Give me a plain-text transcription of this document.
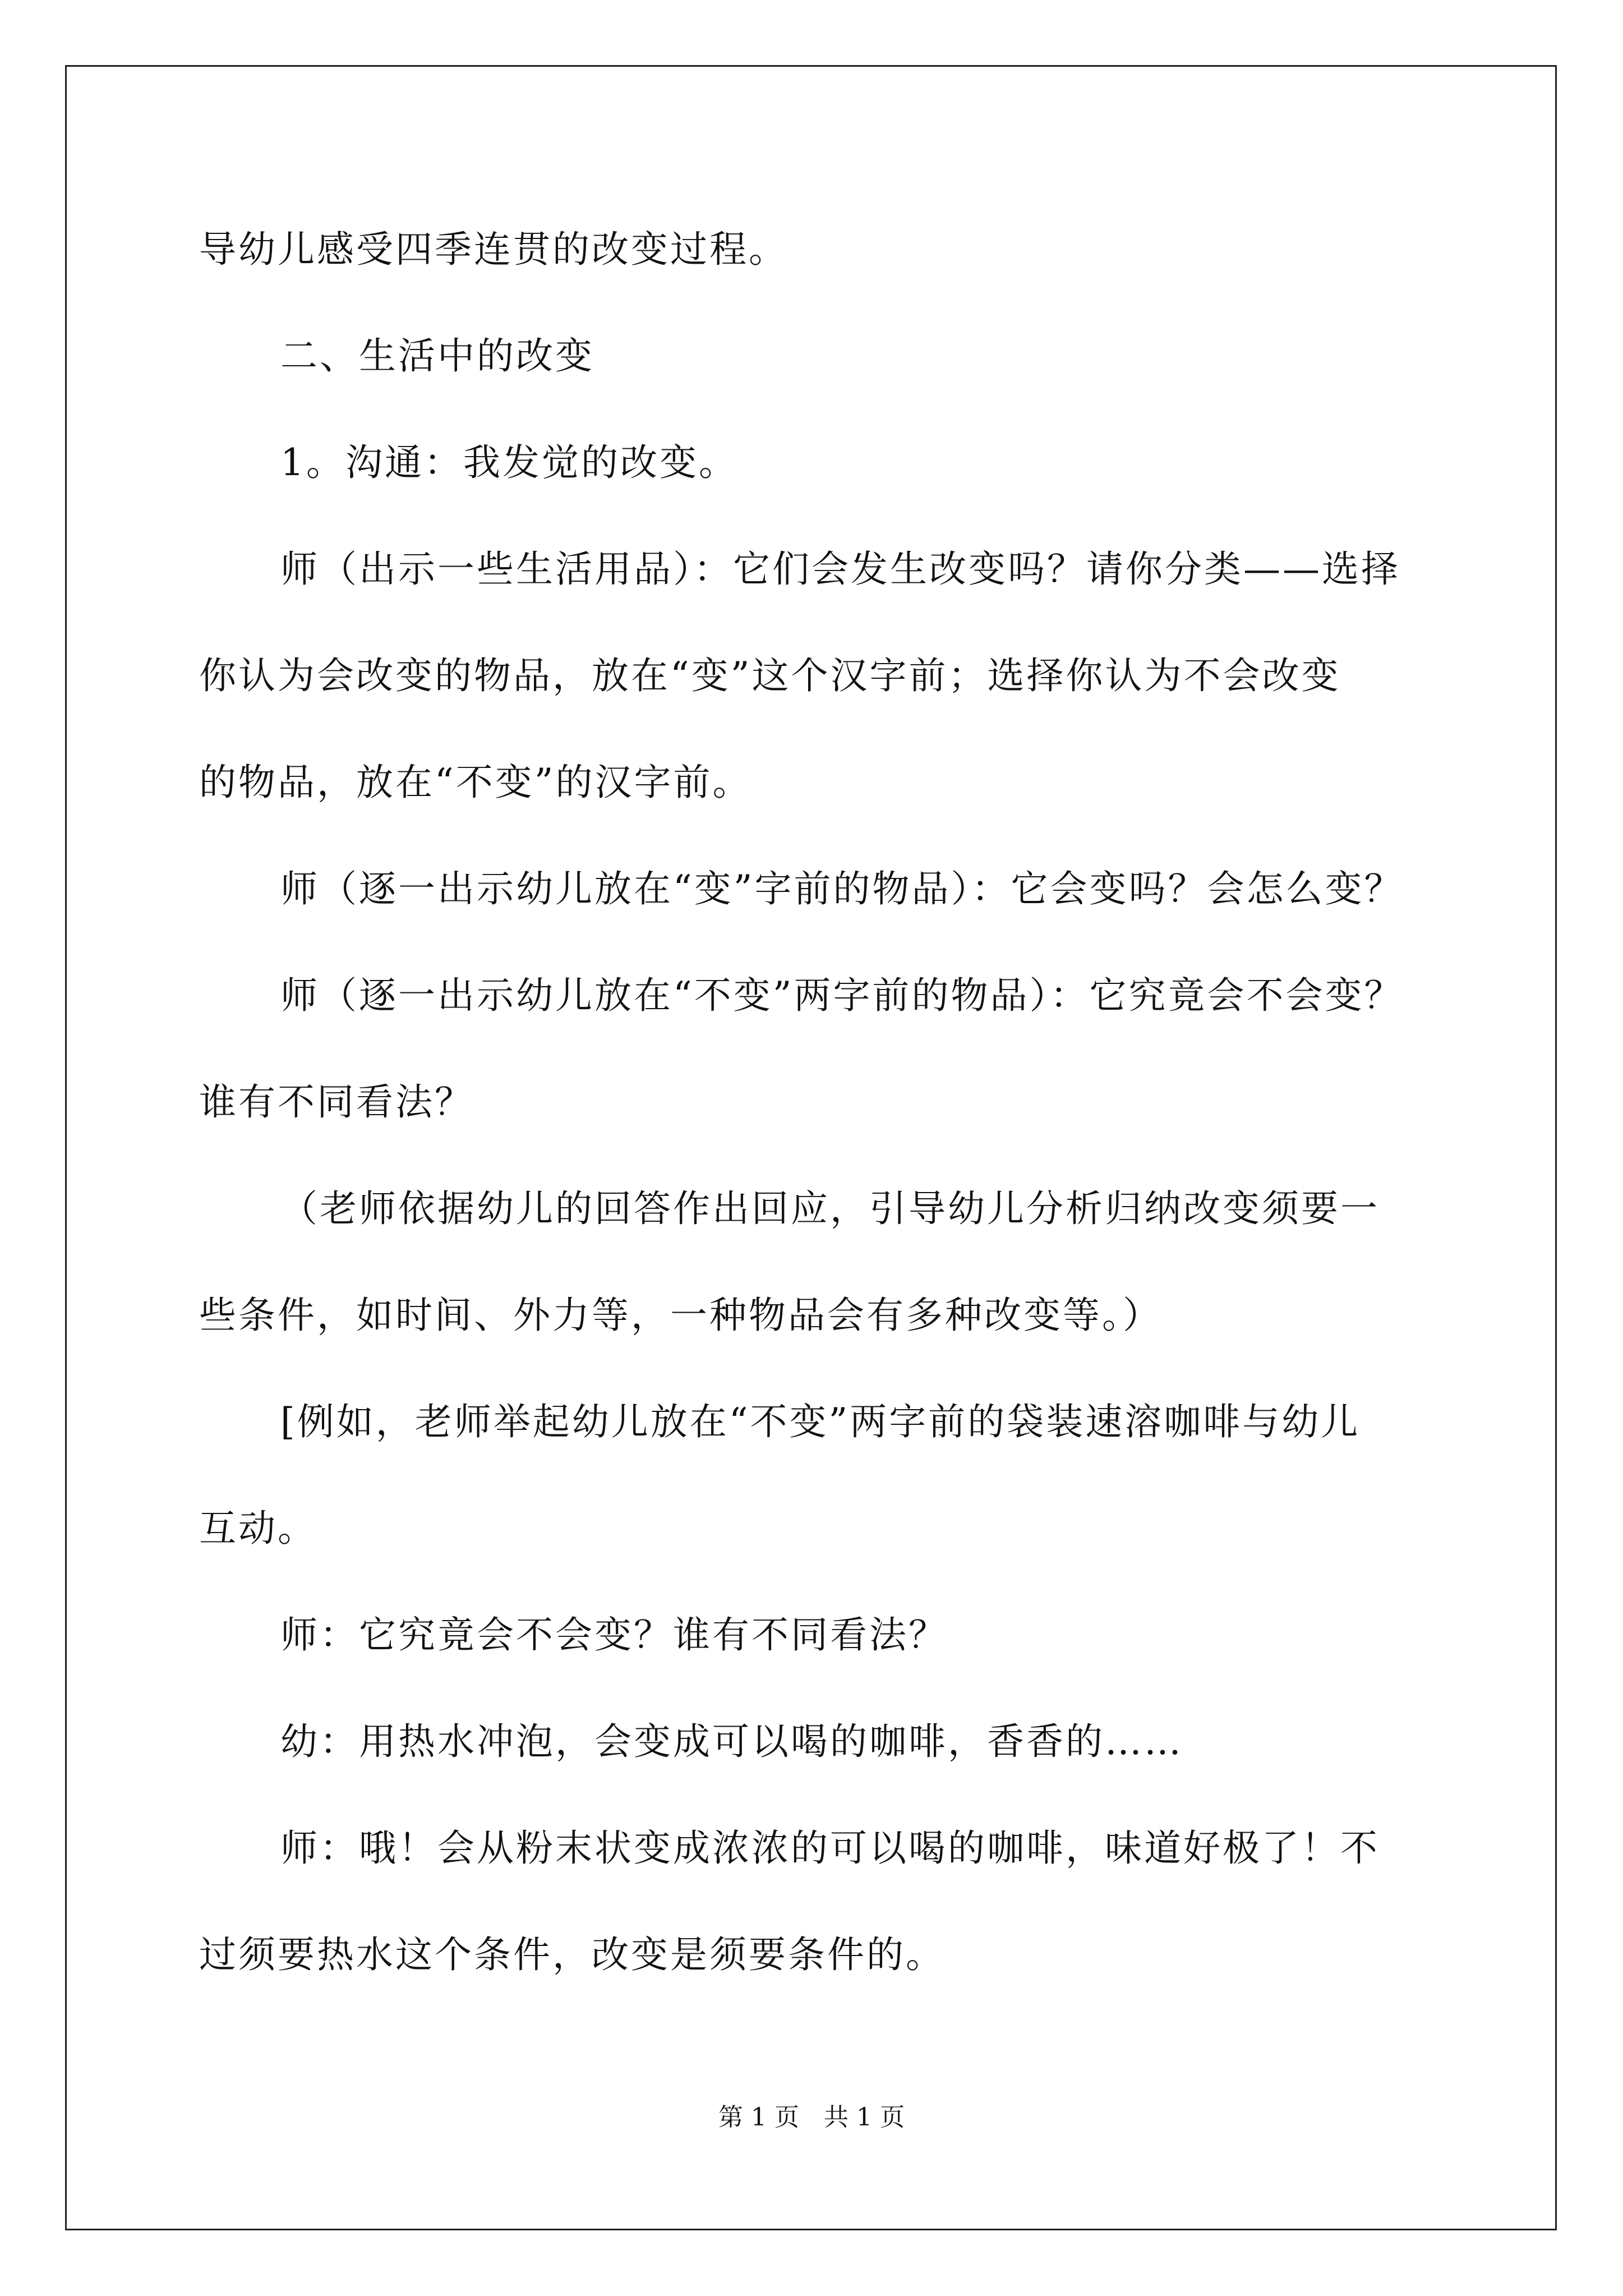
导幼儿感受四季连贯的改变过程。
二、生活中的改变
1。沟通：我发觉的改变。
师（出示一些生活用品）：它们会发生改变吗？请你分类——选择
你认为会改变的物品，放在“变”这个汉字前；选择你认为不会改变
的物品，放在“不变”的汉字前。
师（逐一出示幼儿放在“变”字前的物品）：它会变吗？会怎么变？
师（逐一出示幼儿放在“不变”两字前的物品）：它究竟会不会变？
谁有不同看法？
（老师依据幼儿的回答作出回应，引导幼儿分析归纳改变须要一
些条件，如时间、外力等，一种物品会有多种改变等。）
[例如，老师举起幼儿放在“不变”两字前的袋装速溶咖啡与幼儿
互动。
师：它究竟会不会变？谁有不同看法？
幼：用热水冲泡，会变成可以喝的咖啡，香香的……
师：哦！会从粉末状变成浓浓的可以喝的咖啡，味道好极了！不
过须要热水这个条件，改变是须要条件的。
第 1 页　共 1 页
